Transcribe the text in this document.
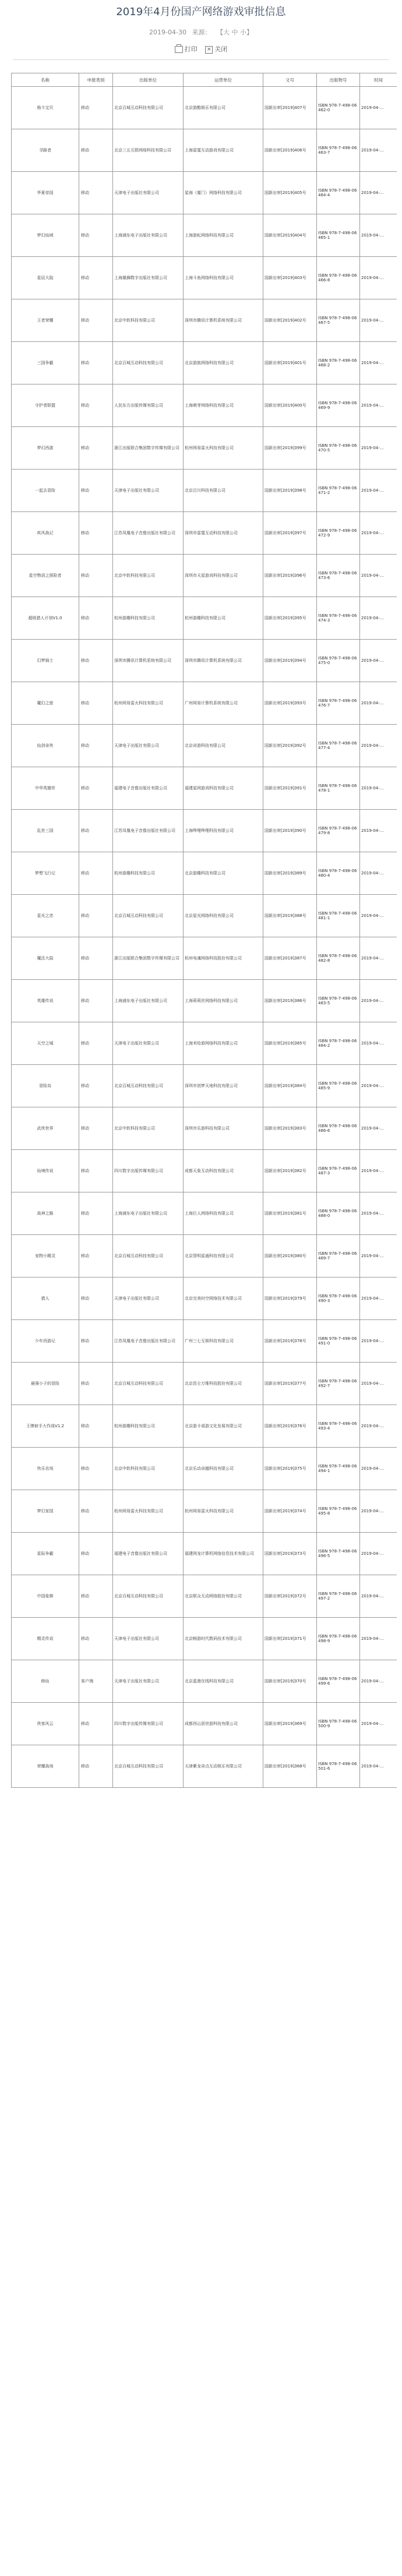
2019年4月份国产网络游戏审批信息
2019-04-30 来源： 【大 中 小】
打印 × 关闭
名称	申报类别	出版单位	运营单位	文号	出版物号	时间
格斗宝贝	移动	北京百城互动科技有限公司	北京游酷娱乐有限公司	国新出审[2019]407号	ISBN 978-7-498-06462-0	2019-04-...
寻路者	移动	北京三五互联网络科技有限公司	上海雷霆互动游戏有限公司	国新出审[2019]406号	ISBN 978-7-498-06463-7	2019-04-...
华夏帝国	移动	天津电子出版社有限公司	星海（厦门）网络科技有限公司	国新出审[2019]405号	ISBN 978-7-498-06464-4	2019-04-...
梦幻仙域	移动	上海浦东电子出版社有限公司	上海游耘网络科技有限公司	国新出审[2019]404号	ISBN 978-7-498-06465-1	2019-04-...
星辰大陆	移动	上海雄狮数字出版社有限公司	上海斗鱼网络科技有限公司	国新出审[2019]403号	ISBN 978-7-498-06466-8	2019-04-...
王者荣耀	移动	北京中软科技有限公司	深圳市腾讯计算机系统有限公司	国新出审[2019]402号	ISBN 978-7-498-06467-5	2019-04-...
三国争霸	移动	北京百城互动科技有限公司	北京游族网络科技有限公司	国新出审[2019]401号	ISBN 978-7-498-06468-2	2019-04-...
守护者联盟	移动	人民东方出版传媒有限公司	上海萌芽网络科技有限公司	国新出审[2019]400号	ISBN 978-7-498-06469-9	2019-04-...
梦幻西游	移动	浙江出版联合集团数字传媒有限公司	杭州网易雷火科技有限公司	国新出审[2019]399号	ISBN 978-7-498-06470-5	2019-04-...
一起去冒险	移动	天津电子出版社有限公司	北京百川科技有限公司	国新出审[2019]398号	ISBN 978-7-498-06471-2	2019-04-...
疾风战记	移动	江苏凤凰电子音像出版社有限公司	深圳市雷霆互动科技有限公司	国新出审[2019]397号	ISBN 978-7-498-06472-9	2019-04-...
星空物语之探险者	移动	北京中软科技有限公司	深圳市天星游戏科技有限公司	国新出审[2019]396号	ISBN 978-7-498-06473-6	2019-04-...
超级猎人计划V1.0	移动	杭州游趣科技有限公司	杭州游趣科技有限公司	国新出审[2019]395号	ISBN 978-7-498-06474-3	2019-04-...
幻梦骑士	移动	深圳市腾讯计算机系统有限公司	深圳市腾讯计算机系统有限公司	国新出审[2019]394号	ISBN 978-7-498-06475-0	2019-04-...
魔幻之旅	移动	杭州网易雷火科技有限公司	广州网易计算机系统有限公司	国新出审[2019]393号	ISBN 978-7-498-06476-7	2019-04-...
仙剑奇侠	移动	天津电子出版社有限公司	北京奇游科技有限公司	国新出审[2019]392号	ISBN 978-7-498-06477-4	2019-04-...
中华英雄传	移动	福建电子音像出版社有限公司	福建星网游戏科技有限公司	国新出审[2019]391号	ISBN 978-7-498-06478-1	2019-04-...
乱世三国	移动	江苏凤凰电子音像出版社有限公司	上海哔哩哔哩科技有限公司	国新出审[2019]390号	ISBN 978-7-498-06479-8	2019-04-...
梦想飞行记	移动	杭州游趣科技有限公司	北京游趣科技有限公司	国新出审[2019]389号	ISBN 978-7-498-06480-4	2019-04-...
星光之恋	移动	北京百城互动科技有限公司	北京星光网络科技有限公司	国新出审[2019]388号	ISBN 978-7-498-06481-1	2019-04-...
魔法大陆	移动	浙江出版联合集团数字传媒有限公司	杭州电魂网络科技股份有限公司	国新出审[2019]387号	ISBN 978-7-498-06482-8	2019-04-...
英雄传说	移动	上海浦东电子出版社有限公司	上海莉莉丝网络科技有限公司	国新出审[2019]386号	ISBN 978-7-498-06483-5	2019-04-...
天空之城	移动	天津电子出版社有限公司	上海米哈游网络科技有限公司	国新出审[2019]385号	ISBN 978-7-498-06484-2	2019-04-...
冒险岛	移动	北京百城互动科技有限公司	深圳市创梦天地科技有限公司	国新出审[2019]384号	ISBN 978-7-498-06485-9	2019-04-...
武侠世界	移动	北京中软科技有限公司	深圳市乐游科技有限公司	国新出审[2019]383号	ISBN 978-7-498-06486-6	2019-04-...
仙境传说	移动	四川数字出版传媒有限公司	成都天象互动科技有限公司	国新出审[2019]382号	ISBN 978-7-498-06487-3	2019-04-...
战神之路	移动	上海浦东电子出版社有限公司	上海巨人网络科技有限公司	国新出审[2019]381号	ISBN 978-7-498-06488-0	2019-04-...
宠物小精灵	移动	北京百城互动科技有限公司	北京智明星通科技有限公司	国新出审[2019]380号	ISBN 978-7-498-06489-7	2019-04-...
猎人	移动	天津电子出版社有限公司	北京完美时空网络技术有限公司	国新出审[2019]379号	ISBN 978-7-498-06490-3	2019-04-...
少年西游记	移动	江苏凤凰电子音像出版社有限公司	广州三七互娱科技有限公司	国新出审[2019]378号	ISBN 978-7-498-06491-0	2019-04-...
最强小子的冒险	移动	北京百城互动科技有限公司	北京昆仑万维科技股份有限公司	国新出审[2019]377号	ISBN 978-7-498-06492-7	2019-04-...
王牌射手大作战V1.2	移动	杭州游趣科技有限公司	北京游卡桌游文化发展有限公司	国新出审[2019]376号	ISBN 978-7-498-06493-4	2019-04-...
快乐农场	移动	北京中软科技有限公司	北京乐动卓越科技有限公司	国新出审[2019]375号	ISBN 978-7-498-06494-1	2019-04-...
梦幻家园	移动	杭州网易雷火科技有限公司	杭州网易雷火科技有限公司	国新出审[2019]374号	ISBN 978-7-498-06495-8	2019-04-...
星际争霸	移动	福建电子音像出版社有限公司	福建网龙计算机网络信息技术有限公司	国新出审[2019]373号	ISBN 978-7-498-06496-5	2019-04-...
中国象棋	移动	北京百城互动科技有限公司	北京联众互动网络股份有限公司	国新出审[2019]372号	ISBN 978-7-498-06497-2	2019-04-...
精灵传说	移动	天津电子出版社有限公司	北京畅游时代数码技术有限公司	国新出审[2019]371号	ISBN 978-7-498-06498-9	2019-04-...
修仙	客户端	天津电子出版社有限公司	北京蓝港在线科技有限公司	国新出审[2019]370号	ISBN 978-7-498-06499-6	2019-04-...
侠客风云	移动	四川数字出版传媒有限公司	成都西山居世游科技有限公司	国新出审[2019]369号	ISBN 978-7-498-06500-9	2019-04-...
荣耀战场	移动	北京百城互动科技有限公司	天津紫龙奇点互动娱乐有限公司	国新出审[2019]368号	ISBN 978-7-498-06501-6	2019-04-...
